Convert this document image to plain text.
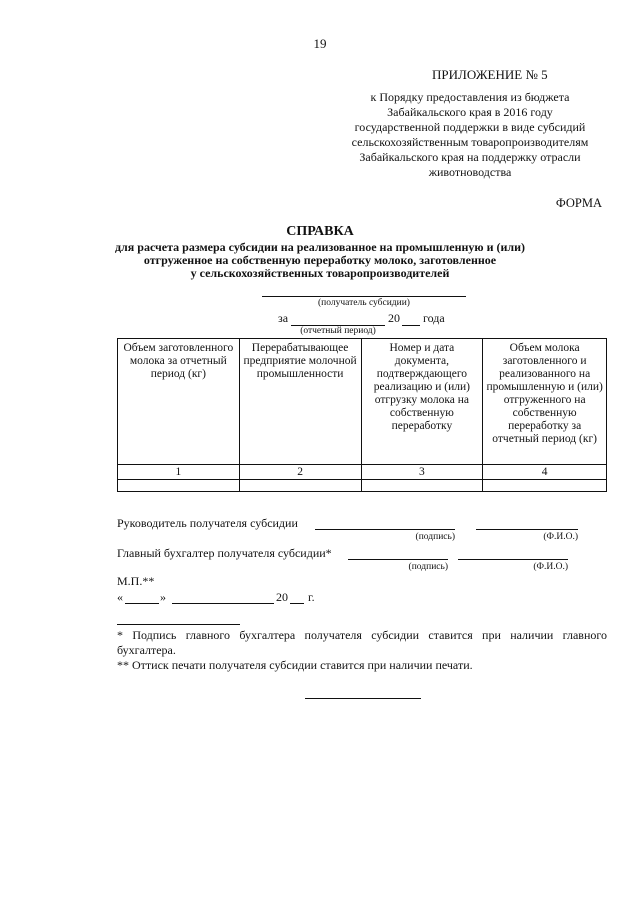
19
ПРИЛОЖЕНИЕ № 5
к Порядку предоставления из бюджета
Забайкальского края в 2016 году
государственной поддержки в виде субсидий
сельскохозяйственным товаропроизводителям
Забайкальского края на поддержку отрасли
животноводства
ФОРМА
СПРАВКА
для расчета размера субсидии на реализованное на промышленную и (или)
отгруженное на собственную переработку молоко, заготовленное
у сельскохозяйственных товаропроизводителей
(получатель субсидии)
за	20 года
(отчетный период)
Объем заготовленного молока за отчетный период (кг)	Перерабатывающее предприятие молочной промышленности	Номер и дата документа, подтверждающего реализацию и (или) отгрузку молока на собственную переработку	Объем молока заготовленного и реализованного на промышленную и (или) отгруженного на собственную переработку за отчетный период (кг)
1	2	3	4

Руководитель получателя субсидии
(подпись)	(Ф.И.О.)
Главный бухгалтер получателя субсидии*
(подпись)	(Ф.И.О.)
М.П.**
«	»	20 г.
* Подпись главного бухгалтера получателя субсидии ставится при наличии главного бухгалтера.
** Оттиск печати получателя субсидии ставится при наличии печати.
